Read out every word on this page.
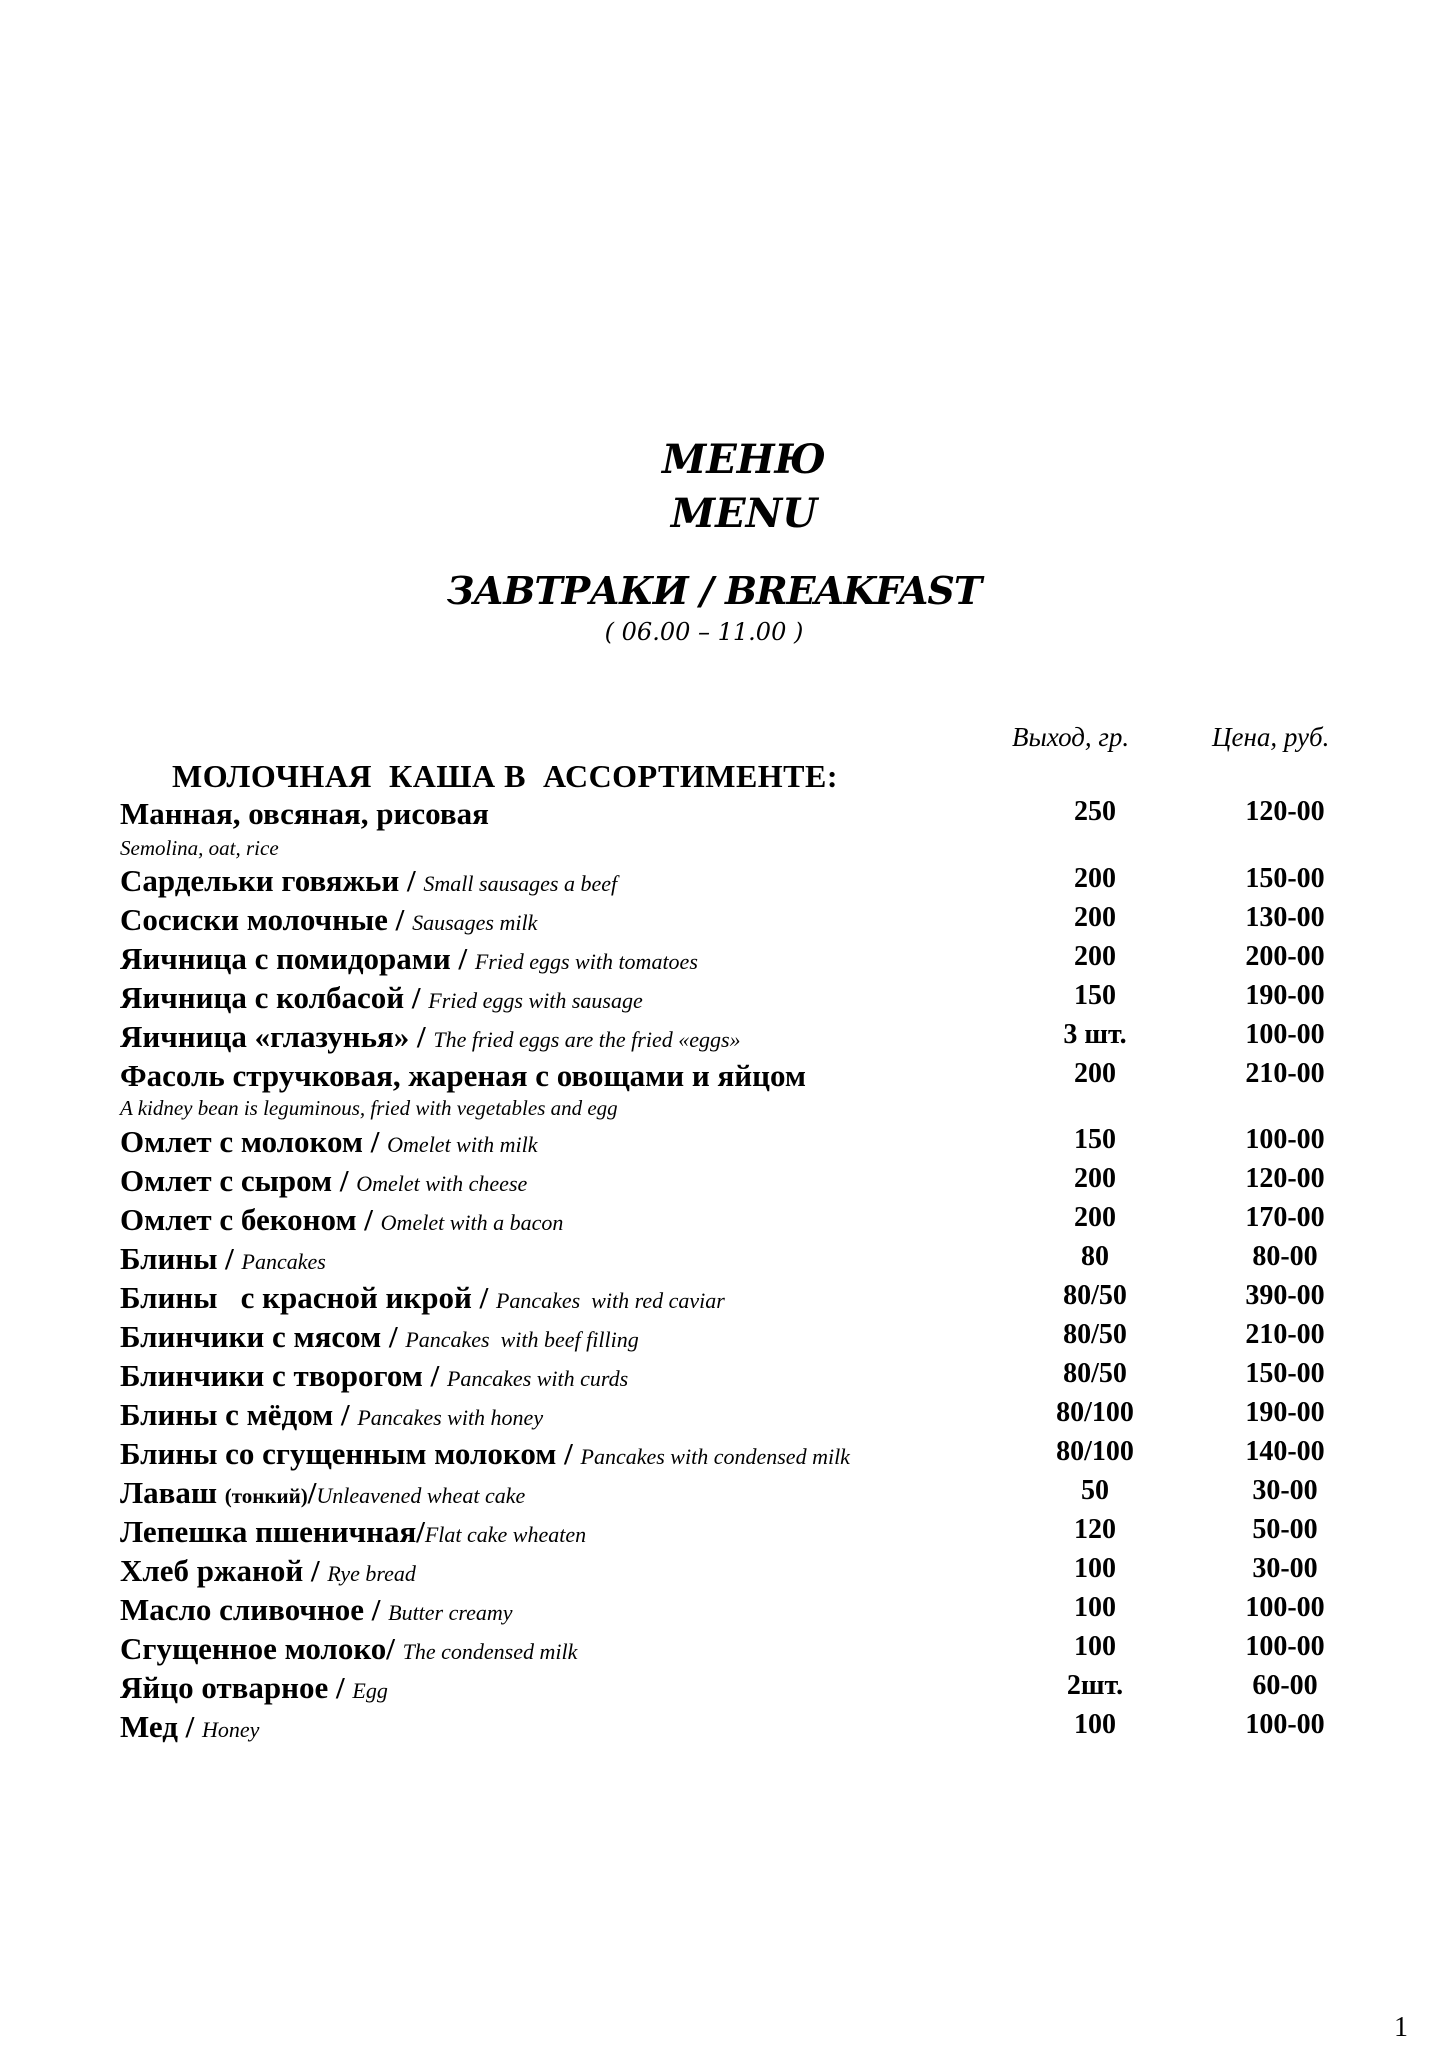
МЕНЮ
MENU
ЗАВТРАКИ / BREAKFAST
( 06.00 – 11.00 )
Выход, гр.	Цена, руб.
МОЛОЧНАЯ  КАША В  АССОРТИМЕНТЕ:
Манная, овсяная, рисовая
Semolina, oat, rice
250	120-00
Сардельки говяжьи / Small sausages a beef	200	150-00
Сосиски молочные / Sausages milk	200	130-00
Яичница с помидорами / Fried eggs with tomatoes	200	200-00
Яичница с колбасой / Fried eggs with sausage	150	190-00
Яичница «глазунья» / The fried eggs are the fried «eggs»	3 шт.	100-00
Фасоль стручковая, жареная с овощами и яйцом
A kidney bean is leguminous, fried with vegetables and egg
200	210-00
Омлет с молоком / Omelet with milk	150	100-00
Омлет с сыром / Omelet with cheese	200	120-00
Омлет с беконом / Omelet with a bacon	200	170-00
Блины / Pancakes	80	80-00
Блины   с красной икрой / Pancakes  with red caviar	80/50	390-00
Блинчики с мясом / Pancakes  with beef filling	80/50	210-00
Блинчики с творогом / Pancakes with curds	80/50	150-00
Блины с мёдом / Pancakes with honey	80/100	190-00
Блины со сгущенным молоком / Pancakes with condensed milk	80/100	140-00
Лаваш (тонкий)/Unleavened wheat cake	50	30-00
Лепешка пшеничная/Flat cake wheaten	120	50-00
Хлеб ржаной / Rye bread	100	30-00
Масло сливочное / Butter creamy	100	100-00
Сгущенное молоко/ The condensed milk	100	100-00
Яйцо отварное / Egg	2шт.	60-00
Мед / Honey	100	100-00
1
